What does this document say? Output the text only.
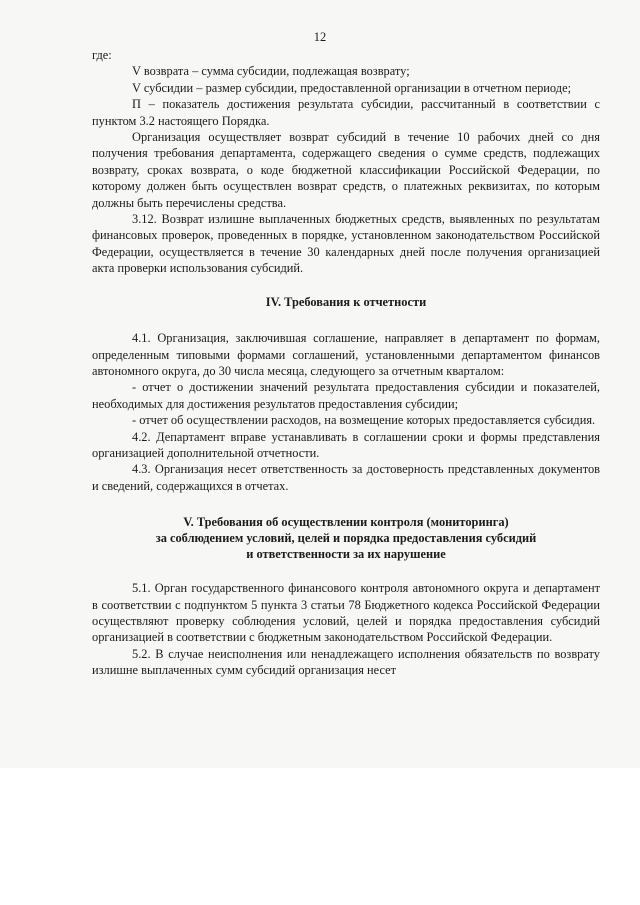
12

где:

V возврата – сумма субсидии, подлежащая возврату;

V субсидии – размер субсидии, предоставленной организации в отчетном периоде;

П – показатель достижения результата субсидии, рассчитанный в соответствии с пунктом 3.2 настоящего Порядка.

Организация осуществляет возврат субсидий в течение 10 рабочих дней со дня получения требования департамента, содержащего сведения о сумме средств, подлежащих возврату, сроках возврата, о коде бюджетной классификации Российской Федерации, по которому должен быть осуществлен возврат средств, о платежных реквизитах, по которым должны быть перечислены средства.

3.12. Возврат излишне выплаченных бюджетных средств, выявленных по результатам финансовых проверок, проведенных в порядке, установленном законодательством Российской Федерации, осуществляется в течение 30 календарных дней после получения организацией акта проверки использования субсидий.

IV. Требования к отчетности

4.1. Организация, заключившая соглашение, направляет в департамент по формам, определенным типовыми формами соглашений, установленными департаментом финансов автономного округа, до 30 числа месяца, следующего за отчетным кварталом:

- отчет о достижении значений результата предоставления субсидии и показателей, необходимых для достижения результатов предоставления субсидии;

- отчет об осуществлении расходов, на возмещение которых предоставляется субсидия.

4.2. Департамент вправе устанавливать в соглашении сроки и формы представления организацией дополнительной отчетности.

4.3. Организация несет ответственность за достоверность представленных документов и сведений, содержащихся в отчетах.

V. Требования об осуществлении контроля (мониторинга)
за соблюдением условий, целей и порядка предоставления субсидий
и ответственности за их нарушение

5.1. Орган государственного финансового контроля автономного округа и департамент в соответствии с подпунктом 5 пункта 3 статьи 78 Бюджетного кодекса Российской Федерации осуществляют проверку соблюдения условий, целей и порядка предоставления субсидий организацией в соответствии с бюджетным законодательством Российской Федерации.

5.2. В случае неисполнения или ненадлежащего исполнения обязательств по возврату излишне выплаченных сумм субсидий организация несет
